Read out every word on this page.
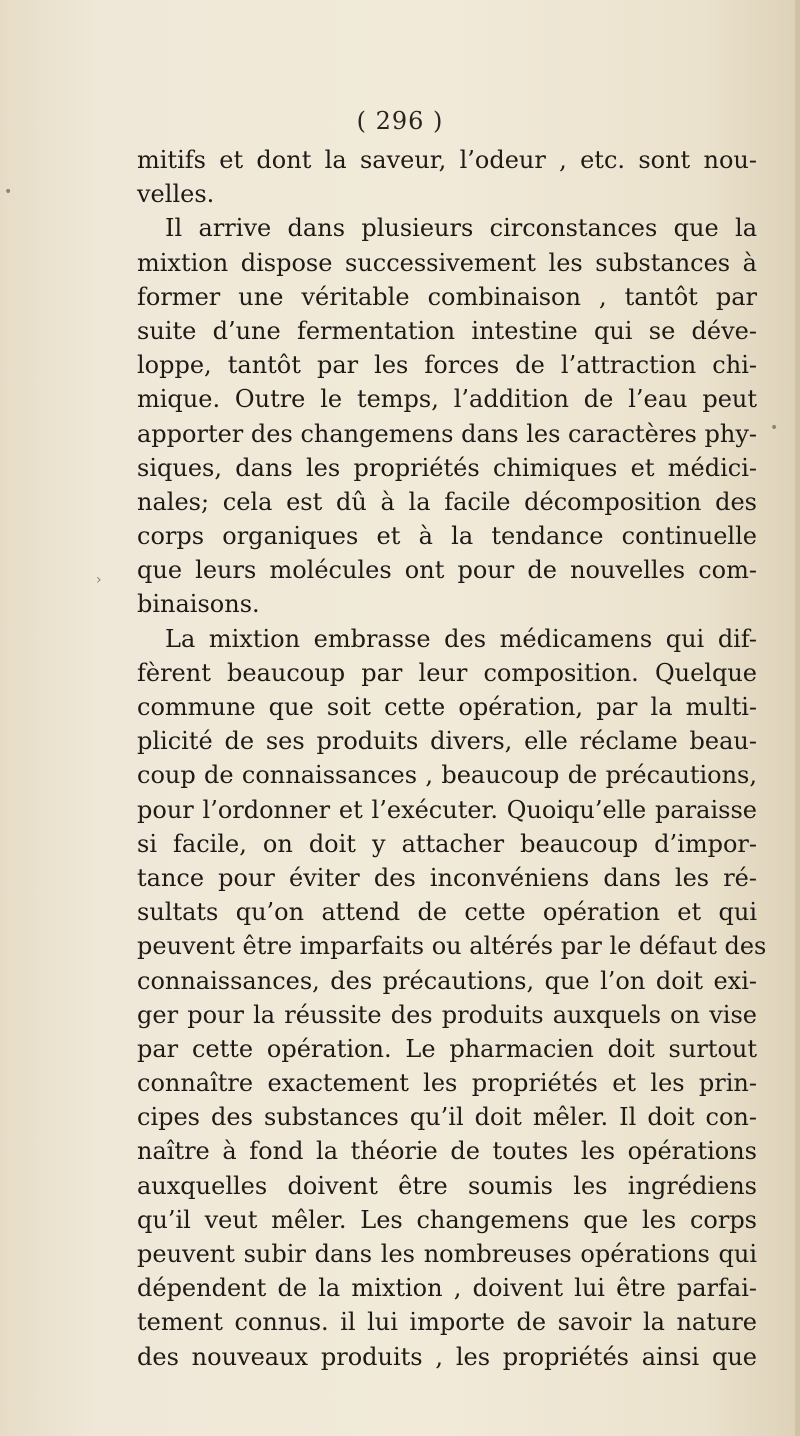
( 296 )
mitifs et dont la saveur, l’odeur , etc. sont nou-
velles.
Il arrive dans plusieurs circonstances que la
mixtion dispose successivement les substances à
former une véritable combinaison , tantôt par
suite d’une fermentation intestine qui se déve-
loppe, tantôt par les forces de l’attraction chi-
mique. Outre le temps, l’addition de l’eau peut
apporter des changemens dans les caractères phy-
siques, dans les propriétés chimiques et médici-
nales; cela est dû à la facile décomposition des
corps organiques et à la tendance continuelle
que leurs molécules ont pour de nouvelles com-
binaisons.
La mixtion embrasse des médicamens qui dif-
fèrent beaucoup par leur composition. Quelque
commune que soit cette opération, par la multi-
plicité de ses produits divers, elle réclame beau-
coup de connaissances , beaucoup de précautions,
pour l’ordonner et l’exécuter. Quoiqu’elle paraisse
si facile, on doit y attacher beaucoup d’impor-
tance pour éviter des inconvéniens dans les ré-
sultats qu’on attend de cette opération et qui
peuvent être imparfaits ou altérés par le défaut des
connaissances, des précautions, que l’on doit exi-
ger pour la réussite des produits auxquels on vise
par cette opération. Le pharmacien doit surtout
connaître exactement les propriétés et les prin-
cipes des substances qu’il doit mêler. Il doit con-
naître à fond la théorie de toutes les opérations
auxquelles doivent être soumis les ingrédiens
qu’il veut mêler. Les changemens que les corps
peuvent subir dans les nombreuses opérations qui
dépendent de la mixtion , doivent lui être parfai-
tement connus. il lui importe de savoir la nature
des nouveaux produits , les propriétés ainsi que
•
›
•
